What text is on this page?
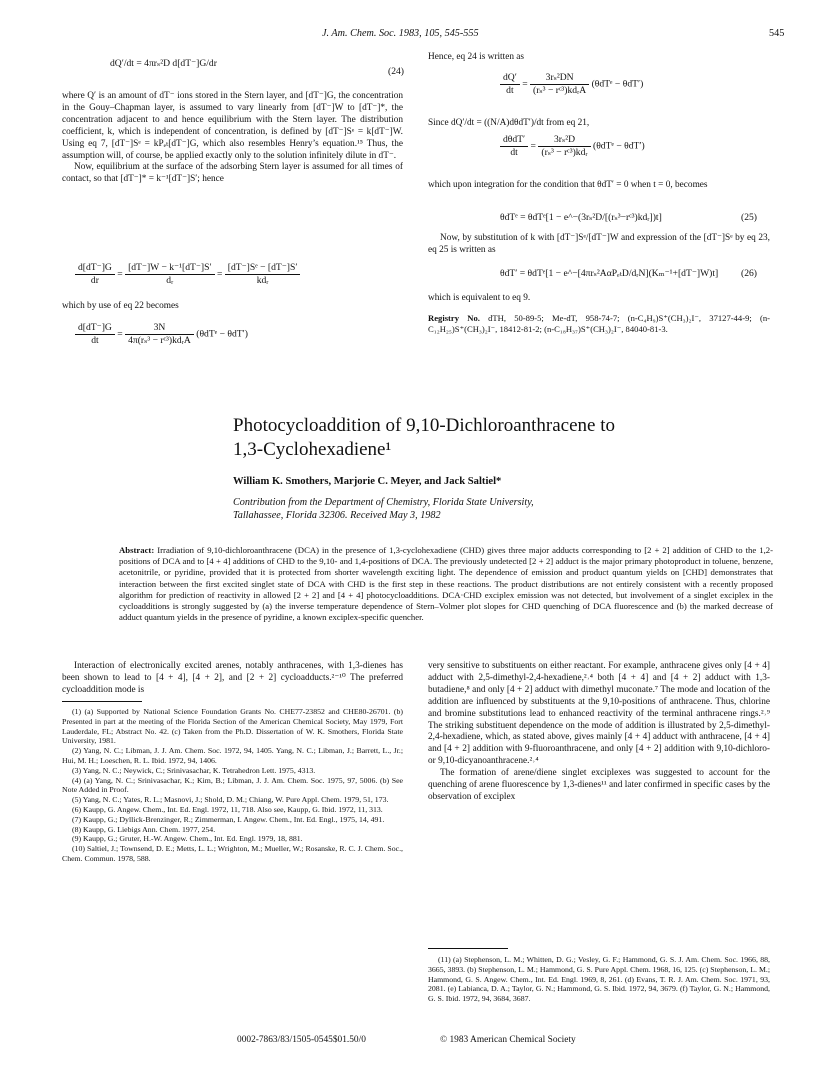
J. Am. Chem. Soc. 1983, 105, 545-555	545
dQ′/dt = 4πrₛ²D d[dT⁻]G/dr
(24)

where Q′ is an amount of dT⁻ ions stored in the Stern layer, and [dT⁻]G, the concentration in the Gouy–Chapman layer, is assumed to vary linearly from [dT⁻]W to [dT⁻]*, the concentration adjacent to and hence equilibrium with the Stern layer. The distribution coefficient, k, which is independent of concentration, is defined by [dT⁻]Sᵉ = k[dT⁻]W. Using eq 7, [dT⁻]Sᵉ = kPₑₜ[dT⁻]G, which also resembles Henry’s equation.¹⁵ Thus, the assumption will, of course, be applied exactly only to the solution infinitely dilute in dT⁻.

Now, equilibrium at the surface of the adsorbing Stern layer is assumed for all times of contact, so that [dT⁻]* = k⁻¹[dT⁻]S′; hence

$\frac{d[dT^-]G}{dr} = \frac{\text{[dT⁻]W − k⁻¹[dT⁻]S′}}{\text{dᵣ}} = \frac{\text{[dT⁻]Sᵉ − [dT⁻]S′}}{\text{kdᵣ}}$

which by use of eq 22 becomes

$\frac{d[dT^-]G}{dt} = \frac{3N}{\text{4π(rₛ³ − rᶜ³)kdᵣA}}$ (θdTᵉ − θdT′)

Hence, eq 24 is written as

$\frac{dQ'}{dt} = \frac{\text{3rₛ²DN}}{\text{(rₛ³ − rᶜ³)kdᵣA}}$ (θdTᵉ − θdT′)

Since dQ′/dt = ((N/A)dθdT′)/dt from eq 21,

$\frac{\text{dθdT′}}{dt} = \frac{\text{3rₛ²D}}{\text{(rₛ³ − rᶜ³)kdᵣ}}$ (θdTᵉ − θdT′)

which upon integration for the condition that θdT′ = 0 when t = 0, becomes

θdTᵉ = θdTᵉ[1 − e^−(3rₛ²D/[(rₛ³−rᶜ³)kdᵣ])t]	(25)

Now, by substitution of k with [dT⁻]Sᵉ/[dT⁻]W and expression of the [dT⁻]Sᵉ by eq 23, eq 25 is written as

θdT′ = θdTᵉ[1 − e^−[4πrₛ²AαPₑₜD/dᵣN](Kₘ⁻¹+[dT⁻]W)t] (26)

which is equivalent to eq 9.

Registry No. dTH, 50-89-5; Me-dT, 958-74-7; (n-C₄H₉)S⁺(CH₃)₂I⁻, 37127-44-9; (n-C₁₂H₂₅)S⁺(CH₃)₂I⁻, 18412-81-2; (n-C₁₈H₃₇)S⁺(CH₃)₂I⁻, 84040-81-3.
Photocycloaddition of 9,10-Dichloroanthracene to
1,3-Cyclohexadiene¹
William K. Smothers, Marjorie C. Meyer, and Jack Saltiel*
Contribution from the Department of Chemistry, Florida State University,
Tallahassee, Florida 32306. Received May 3, 1982
Abstract: Irradiation of 9,10-dichloroanthracene (DCA) in the presence of 1,3-cyclohexadiene (CHD) gives three major adducts corresponding to [2 + 2] addition of CHD to the 1,2-positions of DCA and to [4 + 4] additions of CHD to the 9,10- and 1,4-positions of DCA. The previously undetected [2 + 2] adduct is the major primary photoproduct in toluene, benzene, acetonitrile, or pyridine, provided that it is protected from shorter wavelength exciting light. The dependence of emission and product quantum yields on [CHD] demonstrates that interaction between the first excited singlet state of DCA with CHD is the first step in these reactions. The product distributions are not entirely consistent with a recently proposed algorithm for prediction of reactivity in allowed [2 + 2] and [4 + 4] photocycloadditions. DCA·CHD exciplex emission was not detected, but involvement of a singlet exciplex in the cycloadditions is strongly suggested by (a) the inverse temperature dependence of Stern–Volmer plot slopes for CHD quenching of DCA fluorescence and (b) the marked decrease of adduct quantum yields in the presence of pyridine, a known exciplex-specific quencher.

Interaction of electronically excited arenes, notably anthracenes, with 1,3-dienes has been shown to lead to [4 + 4], [4 + 2], and [2 + 2] cycloadducts.²⁻¹⁰ The preferred cycloaddition mode is

(1) (a) Supported by National Science Foundation Grants No. CHE77-23852 and CHE80-26701. (b) Presented in part at the meeting of the Florida Section of the American Chemical Society, May 1979, Fort Lauderdale, FL; Abstract No. 42. (c) Taken from the Ph.D. Dissertation of W. K. Smothers, Florida State University, 1981.

(2) Yang, N. C.; Libman, J. J. Am. Chem. Soc. 1972, 94, 1405. Yang, N. C.; Libman, J.; Barrett, L., Jr.; Hui, M. H.; Loeschen, R. L. Ibid. 1972, 94, 1406.

(3) Yang, N. C.; Neywick, C.; Srinivasachar, K. Tetrahedron Lett. 1975, 4313.

(4) (a) Yang, N. C.; Srinivasachar, K.; Kim, B.; Libman, J. J. Am. Chem. Soc. 1975, 97, 5006. (b) See Note Added in Proof.

(5) Yang, N. C.; Yates, R. L.; Masnovi, J.; Shold, D. M.; Chiang, W. Pure Appl. Chem. 1979, 51, 173.

(6) Kaupp, G. Angew. Chem., Int. Ed. Engl. 1972, 11, 718. Also see, Kaupp, G. Ibid. 1972, 11, 313.

(7) Kaupp, G.; Dyllick-Brenzinger, R.; Zimmerman, I. Angew. Chem., Int. Ed. Engl., 1975, 14, 491.

(8) Kaupp, G. Liebigs Ann. Chem. 1977, 254.

(9) Kaupp, G.; Gruter, H.-W. Angew. Chem., Int. Ed. Engl. 1979, 18, 881.

(10) Saltiel, J.; Townsend, D. E.; Metts, L. L.; Wrighton, M.; Mueller, W.; Rosanske, R. C. J. Chem. Soc., Chem. Commun. 1978, 588.

very sensitive to substituents on either reactant. For example, anthracene gives only [4 + 4] adduct with 2,5-dimethyl-2,4-hexadiene,²˒⁴ both [4 + 4] and [4 + 2] adduct with 1,3-butadiene,⁸ and only [4 + 2] adduct with dimethyl muconate.⁷ The mode and location of the addition are influenced by substituents at the 9,10-positions of anthracene. Thus, chlorine and bromine substitutions lead to enhanced reactivity of the terminal anthracene rings.²˒⁹ The striking substituent dependence on the mode of addition is illustrated by 2,5-dimethyl-2,4-hexadiene, which, as stated above, gives mainly [4 + 4] adduct with anthracene, [4 + 4] and [4 + 2] addition with 9-fluoroanthracene, and only [4 + 2] addition with 9,10-dichloro- or 9,10-dicyanoanthracene.²˒⁴

The formation of arene/diene singlet exciplexes was suggested to account for the quenching of arene fluorescence by 1,3-dienes¹¹ and later confirmed in specific cases by the observation of exciplex

(11) (a) Stephenson, L. M.; Whitten, D. G.; Vesley, G. F.; Hammond, G. S. J. Am. Chem. Soc. 1966, 88, 3665, 3893. (b) Stephenson, L. M.; Hammond, G. S. Pure Appl. Chem. 1968, 16, 125. (c) Stephenson, L. M.; Hammond, G. S. Angew. Chem., Int. Ed. Engl. 1969, 8, 261. (d) Evans, T. R. J. Am. Chem. Soc. 1971, 93, 2081. (e) Labianca, D. A.; Taylor, G. N.; Hammond, G. S. Ibid. 1972, 94, 3679. (f) Taylor, G. N.; Hammond, G. S. Ibid. 1972, 94, 3684, 3687.

0002-7863/83/1505-0545$01.50/0	© 1983 American Chemical Society
